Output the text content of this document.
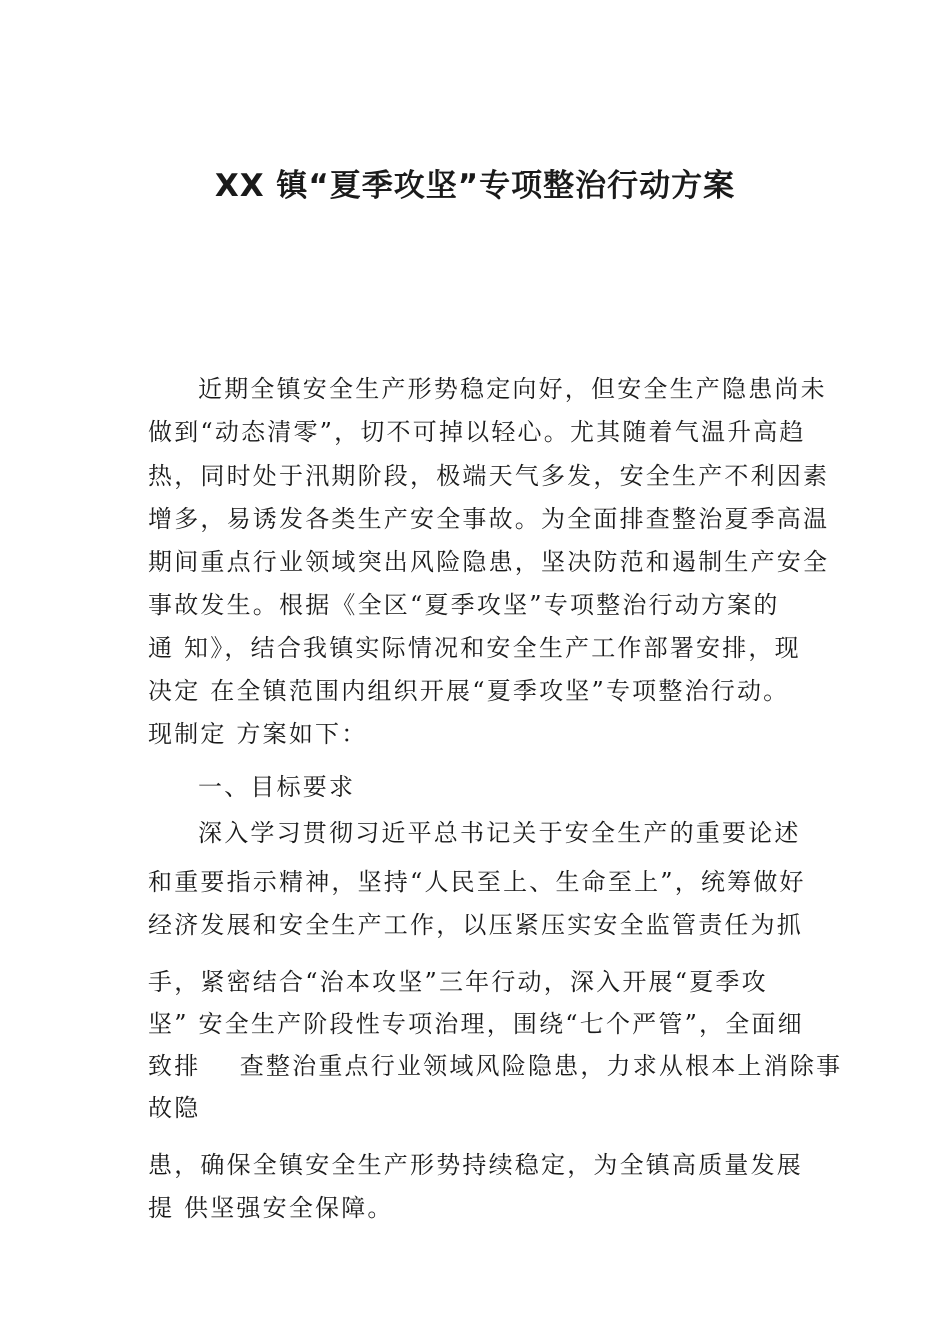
XX 镇“夏季攻坚”专项整治行动方案
近期全镇安全生产形势稳定向好，但安全生产隐患尚未
做到“动态清零”，切不可掉以轻心。尤其随着气温升高趋
热，同时处于汛期阶段，极端天气多发，安全生产不利因素
增多，易诱发各类生产安全事故。为全面排查整治夏季高温
期间重点行业领域突出风险隐患，坚决防范和遏制生产安全
事故发生。根据《全区“夏季攻坚”专项整治行动方案的
通 知》，结合我镇实际情况和安全生产工作部署安排，现
决定 在全镇范围内组织开展“夏季攻坚”专项整治行动。
现制定 方案如下：
一、目标要求
深入学习贯彻习近平总书记关于安全生产的重要论述
和重要指示精神，坚持“人民至上、生命至上”，统筹做好
经济发展和安全生产工作，以压紧压实安全监管责任为抓
手，紧密结合“治本攻坚”三年行动，深入开展“夏季攻
坚” 安全生产阶段性专项治理，围绕“七个严管”，全面细
致排    查整治重点行业领域风险隐患，力求从根本上消除事
故隐
患，确保全镇安全生产形势持续稳定，为全镇高质量发展
提 供坚强安全保障。
